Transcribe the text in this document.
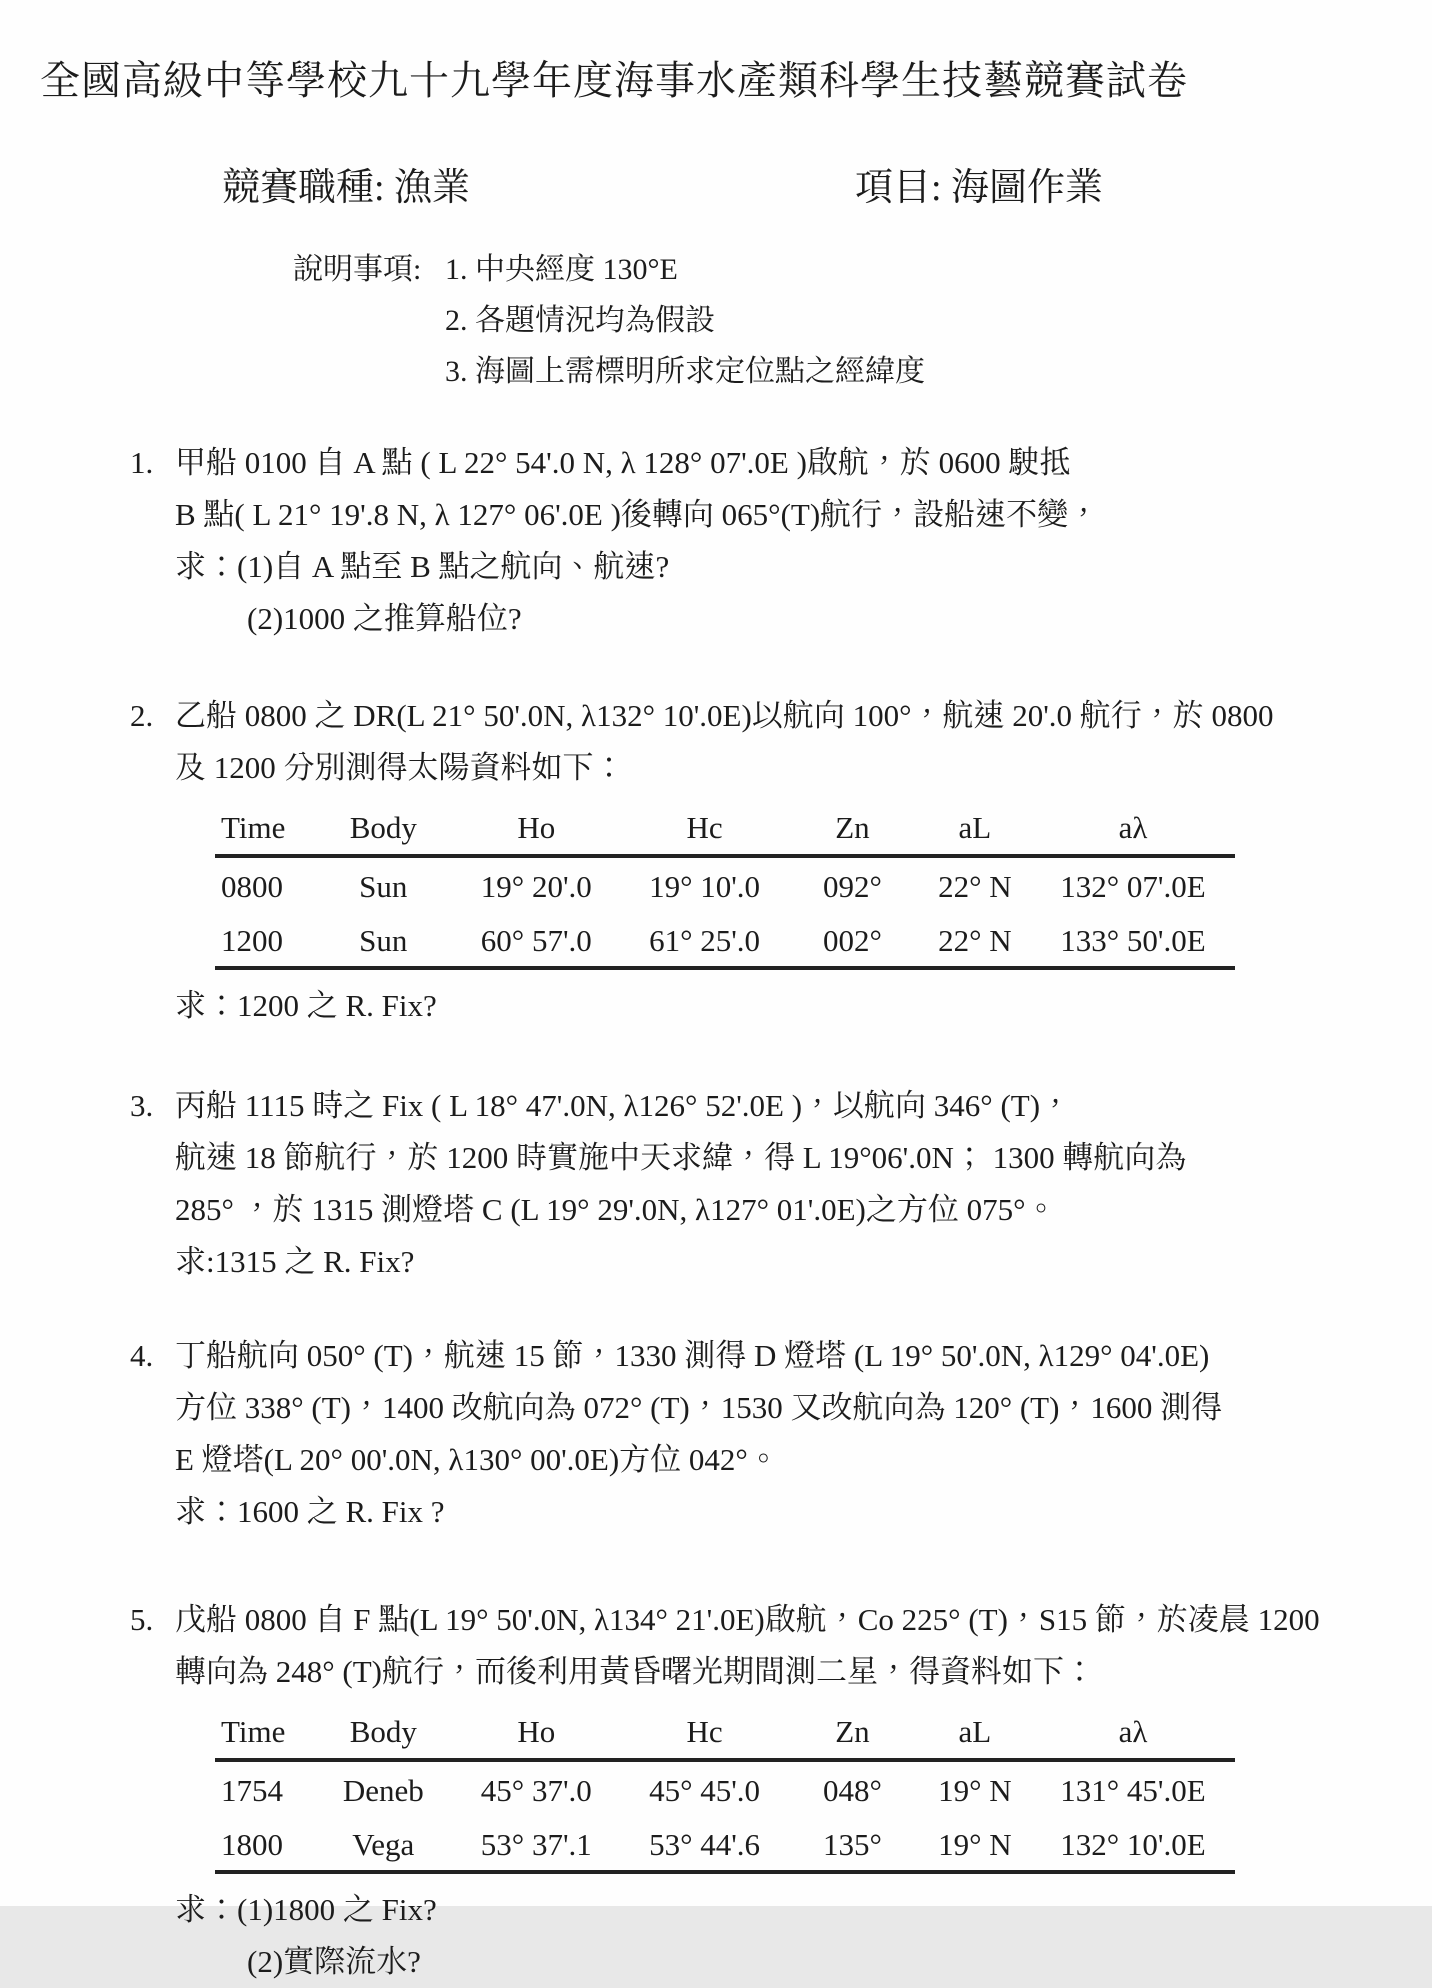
全國高級中等學校九十九學年度海事水產類科學生技藝競賽試卷
競賽職種: 漁業	項目: 海圖作業
說明事項: 1. 中央經度 130°E
2. 各題情況均為假設
3. 海圖上需標明所求定位點之經緯度
1. 甲船 0100 自 A 點 ( L 22° 54'.0 N, λ 128° 07'.0E )啟航，於 0600 駛抵
B 點( L 21° 19'.8 N, λ 127° 06'.0E )後轉向 065°(T)航行，設船速不變，
求：(1)自 A 點至 B 點之航向、航速?
(2)1000 之推算船位?
2. 乙船 0800 之 DR(L 21° 50'.0N, λ132° 10'.0E)以航向 100°，航速 20'.0 航行，於 0800
及 1200 分別測得太陽資料如下：
Time	Body	Ho	Hc	Zn	aL	aλ
0800	Sun	19° 20'.0	19° 10'.0	092°	22° N	132° 07'.0E
1200	Sun	60° 57'.0	61° 25'.0	002°	22° N	133° 50'.0E
求：1200 之 R. Fix?
3. 丙船 1115 時之 Fix ( L 18° 47'.0N, λ126° 52'.0E )，以航向 346° (T)，
航速 18 節航行，於 1200 時實施中天求緯，得 L 19°06'.0N； 1300 轉航向為
285° ，於 1315 測燈塔 C (L 19° 29'.0N, λ127° 01'.0E)之方位 075°。
求:1315 之 R. Fix?
4. 丁船航向 050° (T)，航速 15 節，1330 測得 D 燈塔 (L 19° 50'.0N, λ129° 04'.0E)
方位 338° (T)，1400 改航向為 072° (T)，1530 又改航向為 120° (T)，1600 測得
E 燈塔(L 20° 00'.0N, λ130° 00'.0E)方位 042°。
求：1600 之 R. Fix ?
5. 戊船 0800 自 F 點(L 19° 50'.0N, λ134° 21'.0E)啟航，Co 225° (T)，S15 節，於凌晨 1200
轉向為 248° (T)航行，而後利用黃昏曙光期間測二星，得資料如下：
Time	Body	Ho	Hc	Zn	aL	aλ
1754	Deneb	45° 37'.0	45° 45'.0	048°	19° N	131° 45'.0E
1800	Vega	53° 37'.1	53° 44'.6	135°	19° N	132° 10'.0E
求：(1)1800 之 Fix?
(2)實際流水?
